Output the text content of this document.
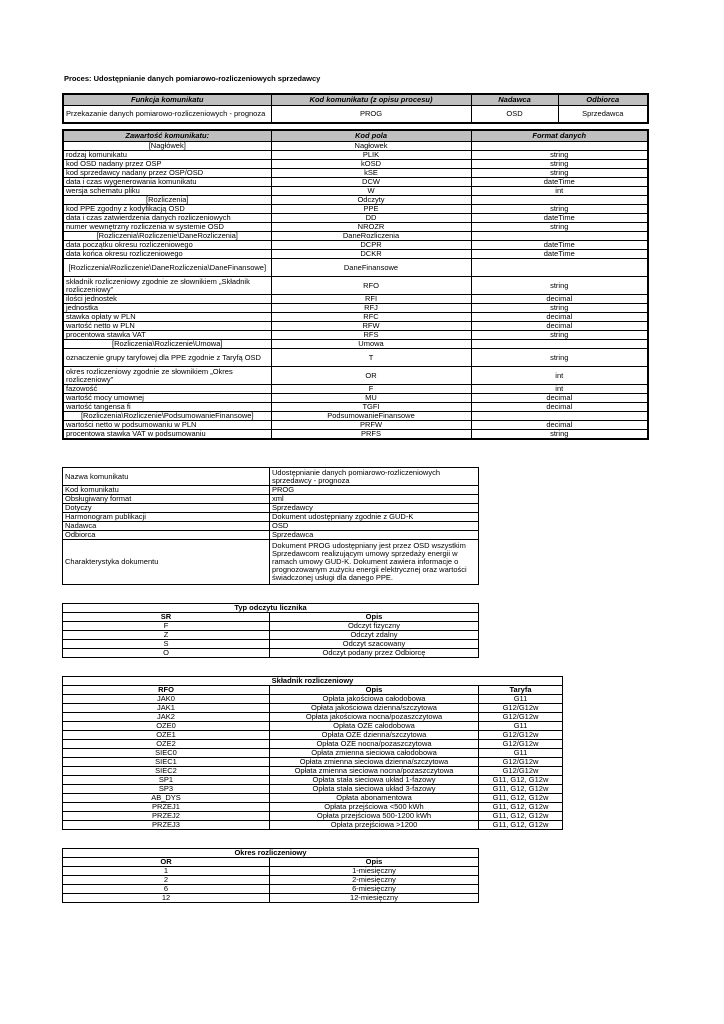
Proces: Udostępnianie danych pomiarowo-rozliczeniowych sprzedawcy
Funkcja komunikatu	Kod komunikatu (z opisu procesu)	Nadawca	Odbiorca
Przekazanie danych pomiarowo-rozliczeniowych - prognoza	PROG	OSD	Sprzedawca
Zawartość komunikatu:	Kod pola	Format danych
[Nagłówek]	Nagłowek	
rodzaj komunikatu	PLIK	string
kod OSD nadany przez OSP	kOSD	string
kod sprzedawcy nadany przez OSP/OSD	kSE	string
data i czas wygenerowania komunikatu	DCW	dateTime
wersja schematu pliku	W	int
[Rozliczenia]	Odczyty	
kod PPE zgodny z kodyfikacją OSD	PPE	string
data i czas zatwierdzenia danych rozliczeniowych	DD	dateTime
numer wewnętrzny rozliczenia w systemie OSD	NROZR	string
[Rozliczenia\Rozliczenie\DaneRozliczenia]	DaneRozliczenia	
data początku okresu rozliczeniowego	DCPR	dateTime
data końca okresu rozliczeniowego	DCKR	dateTime
[Rozliczenia\Rozliczenie\DaneRozliczenia\DaneFinansowe]	DaneFinansowe	
składnik rozliczeniowy zgodnie ze słownikiem „Składnik rozliczeniowy”	RFO	string
ilości jednostek	RFI	decimal
jednostka	RFJ	string
stawka opłaty w PLN	RFC	decimal
wartość netto w PLN	RFW	decimal
procentowa stawka VAT	RFS	string
[Rozliczenia\Rozliczenie\Umowa]	Umowa	
oznaczenie grupy taryfowej dla PPE zgodnie z Taryfą OSD	T	string
okres rozliczeniowy zgodnie ze słownikiem „Okres rozliczeniowy”	OR	int
fazowość	F	int
wartość mocy umownej	MU	decimal
wartość tangensa fi	TGFI	decimal
[Rozliczenia\Rozliczenie\PodsumowanieFinansowe]	PodsumowanieFinansowe	
wartości netto w podsumowaniu w PLN	PRFW	decimal
procentowa stawka VAT w podsumowaniu	PRFS	string
Nazwa komunikatu	Udostępnianie danych pomiarowo-rozliczeniowych sprzedawcy - prognoza
Kod komunikatu	PROG
Obsługiwany format	xml
Dotyczy	Sprzedawcy
Harmonogram publikacji	Dokument udostępniany zgodnie z GUD-K
Nadawca	OSD
Odbiorca	Sprzedawca
Charakterystyka dokumentu	Dokument PROG udostępniany jest przez OSD wszystkim Sprzedawcom realizującym umowy sprzedaży energii w ramach umowy GUD-K. Dokument zawiera informacje o prognozowanym zużyciu energii elektrycznej oraz wartości świadczonej usługi dla danego PPE.
Typ odczytu licznika	
SR	Opis
F	Odczyt fizyczny
Z	Odczyt zdalny
S	Odczyt szacowany
O	Odczyt podany przez Odbiorcę
Składnik rozliczeniowy		
RFO	Opis	Taryfa
JAK0	Opłata jakościowa całodobowa	G11
JAK1	Opłata jakościowa dzienna/szczytowa	G12/G12w
JAK2	Opłata jakościowa nocna/pozaszczytowa	G12/G12w
OZE0	Opłata OZE całodobowa	G11
OZE1	Opłata OZE dzienna/szczytowa	G12/G12w
OZE2	Opłata OZE nocna/pozaszczytowa	G12/G12w
SIEC0	Opłata zmienna sieciowa całodobowa	G11
SIEC1	Opłata zmienna sieciowa dzienna/szczytowa	G12/G12w
SIEC2	Opłata zmienna sieciowa nocna/pozaszczytowa	G12/G12w
SP1	Opłata stała sieciowa układ 1-fazowy	G11, G12, G12w
SP3	Opłata stała sieciowa układ 3-fazowy	G11, G12, G12w
AB_DYS	Opłata abonamentowa	G11, G12, G12w
PRZEJ1	Opłata przejściowa <500 kWh	G11, G12, G12w
PRZEJ2	Opłata przejściowa 500-1200 kWh	G11, G12, G12w
PRZEJ3	Opłata przejściowa >1200	G11, G12, G12w
Okres rozliczeniowy	
OR	Opis
1	1-miesięczny
2	2-miesięczny
6	6-miesięczny
12	12-miesięczny
